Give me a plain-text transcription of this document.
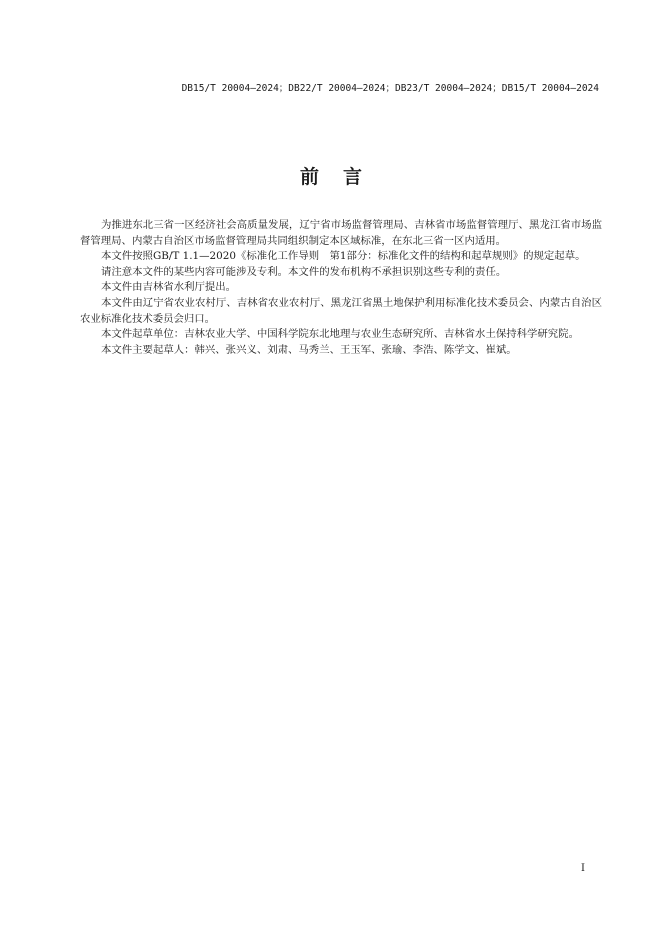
DB15/T 20004—2024；DB22/T 20004—2024；DB23/T 20004—2024；DB15/T 20004—2024
前言

为推进东北三省一区经济社会高质量发展，辽宁省市场监督管理局、吉林省市场监督管理厅、黑龙江省市场监督管理局、内蒙古自治区市场监督管理局共同组织制定本区域标准，在东北三省一区内适用。

本文件按照GB/T 1.1—2020《标准化工作导则　第1部分：标准化文件的结构和起草规则》的规定起草。

请注意本文件的某些内容可能涉及专利。本文件的发布机构不承担识别这些专利的责任。

本文件由吉林省水利厅提出。

本文件由辽宁省农业农村厅、吉林省农业农村厅、黑龙江省黑土地保护利用标准化技术委员会、内蒙古自治区农业标准化技术委员会归口。

本文件起草单位：吉林农业大学、中国科学院东北地理与农业生态研究所、吉林省水土保持科学研究院。

本文件主要起草人：韩兴、张兴义、刘肃、马秀兰、王玉军、张瑜、李浩、陈学文、崔斌。

I
